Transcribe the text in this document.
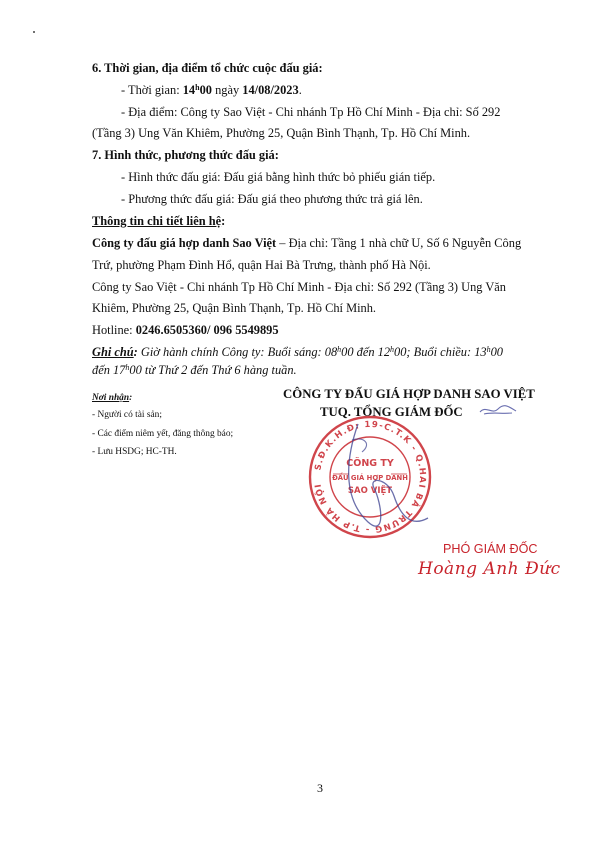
6. Thời gian, địa điểm tổ chức cuộc đấu giá:
- Thời gian: 14$^h$00 ngày 14/08/2023.
- Địa điểm: Công ty Sao Việt - Chi nhánh Tp Hồ Chí Minh - Địa chỉ: Số 292
(Tầng 3) Ung Văn Khiêm, Phường 25, Quận Bình Thạnh, Tp. Hồ Chí Minh.
7. Hình thức, phương thức đấu giá:
- Hình thức đấu giá: Đấu giá bằng hình thức bỏ phiếu gián tiếp.
- Phương thức đấu giá: Đấu giá theo phương thức trả giá lên.
Thông tin chi tiết liên hệ:
Công ty đấu giá hợp danh Sao Việt – Địa chỉ: Tầng 1 nhà chữ U, Số 6 Nguyễn Công
Trứ, phường Phạm Đình Hổ, quận Hai Bà Trưng, thành phố Hà Nội.
Công ty Sao Việt - Chi nhánh Tp Hồ Chí Minh - Địa chỉ: Số 292 (Tầng 3) Ung Văn
Khiêm, Phường 25, Quận Bình Thạnh, Tp. Hồ Chí Minh.
Hotline: 0246.6505360/ 096 5549895
Ghi chú: Giờ hành chính Công ty: Buổi sáng: 08$^h$00 đến 12$^h$00; Buổi chiều: 13$^h$00
đến 17$^h$00 từ Thứ 2 đến Thứ 6 hàng tuần.
Nơi nhận:
- Người có tài sản;
- Các điểm niêm yết, đăng thông báo;
- Lưu HSDG; HC-TH.
CÔNG TY ĐẤU GIÁ HỢP DANH SAO VIỆT
TUQ. TỔNG GIÁM ĐỐC
S.Đ.K.H.Đ: 19-C.T.K - Q.HAI BÀ TRƯNG - T.P HÀ NỘI
CÔNG TY
ĐẤU GIÁ HỢP DANH
SAO VIỆT
PHÓ GIÁM ĐỐC
Hoàng Anh Đức
3
